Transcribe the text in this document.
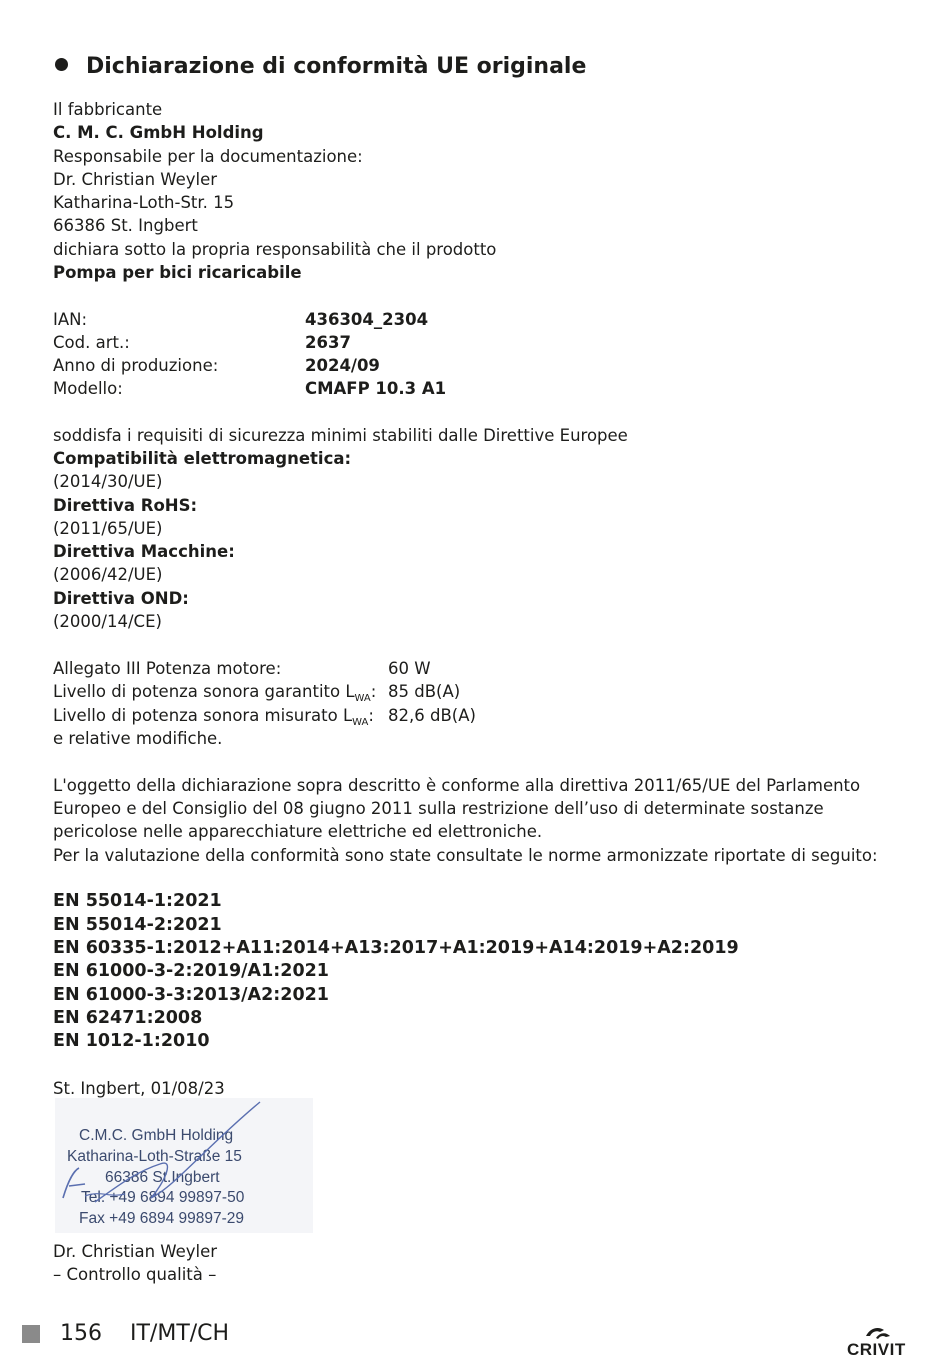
Dichiarazione di conformità UE originale
Il fabbricante
C. M. C. GmbH Holding
Responsabile per la documentazione:
Dr. Christian Weyler
Katharina-Loth-Str. 15
66386 St. Ingbert
dichiara sotto la propria responsabilità che il prodotto
Pompa per bici ricaricabile
IAN:	436304_2304
Cod. art.:	2637
Anno di produzione:	2024/09
Modello:	CMAFP 10.3 A1
soddisfa i requisiti di sicurezza minimi stabiliti dalle Direttive Europee
Compatibilità elettromagnetica:
(2014/30/UE)
Direttiva RoHS:
(2011/65/UE)
Direttiva Macchine:
(2006/42/UE)
Direttiva OND:
(2000/14/CE)
Allegato III Potenza motore:	60 W
Livello di potenza sonora garantito $L_{WA}$: 85 dB(A)
Livello di potenza sonora misurato $L_{WA}$: 82,6 dB(A)
e relative modifiche.
L'oggetto della dichiarazione sopra descritto è conforme alla direttiva 2011/65/UE del Parlamento
Europeo e del Consiglio del 08 giugno 2011 sulla restrizione dell’uso di determinate sostanze
pericolose nelle apparecchiature elettriche ed elettroniche.
Per la valutazione della conformità sono state consultate le norme armonizzate riportate di seguito:
EN 55014-1:2021
EN 55014-2:2021
EN 60335-1:2012+A11:2014+A13:2017+A1:2019+A14:2019+A2:2019
EN 61000-3-2:2019/A1:2021
EN 61000-3-3:2013/A2:2021
EN 62471:2008
EN 1012-1:2010
St. Ingbert, 01/08/23
C.M.C. GmbH Holding
Katharina-Loth-Straße 15
66386 St.Ingbert
Tel. +49 6894 99897-50
Fax +49 6894 99897-29
Dr. Christian Weyler
– Controllo qualità –
156 IT/MT/CH
CRIVIT
